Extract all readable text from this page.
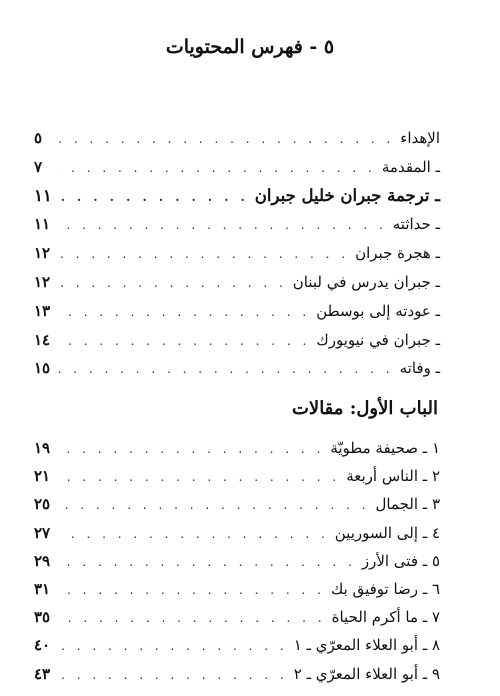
٥ - فهرس المحتويات
الإهداء
. . .
٥
ـ المقدمة
. . .
٧
ـ ترجمة جبران خليل جبران
. . .
١١
ـ حداثته
. . .
١١
ـ هجرة جبران
. . .
١٢
ـ جبران يدرس في لبنان
. . .
١٢
ـ عودته إلى بوسطن
. . .
١٣
ـ جبران في نيويورك
. . .
١٤
ـ وفاته
. . .
١٥
الباب الأول: مقالات
١ ـ صحيفة مطويّة
. . .
١٩
٢ ـ الناس أربعة
. . .
٢١
٣ ـ الجمال
. . .
٢٥
٤ ـ إلى السوريين
. . .
٢٧
٥ ـ فتى الأرز
. . .
٢٩
٦ ـ رضا توفيق بك
. . .
٣١
٧ ـ ما أكرم الحياة
. . .
٣٥
٨ ـ أبو العلاء المعرّي ـ ١
. . .
٤٠
٩ ـ أبو العلاء المعرّي ـ ٢
. . .
٤٣
